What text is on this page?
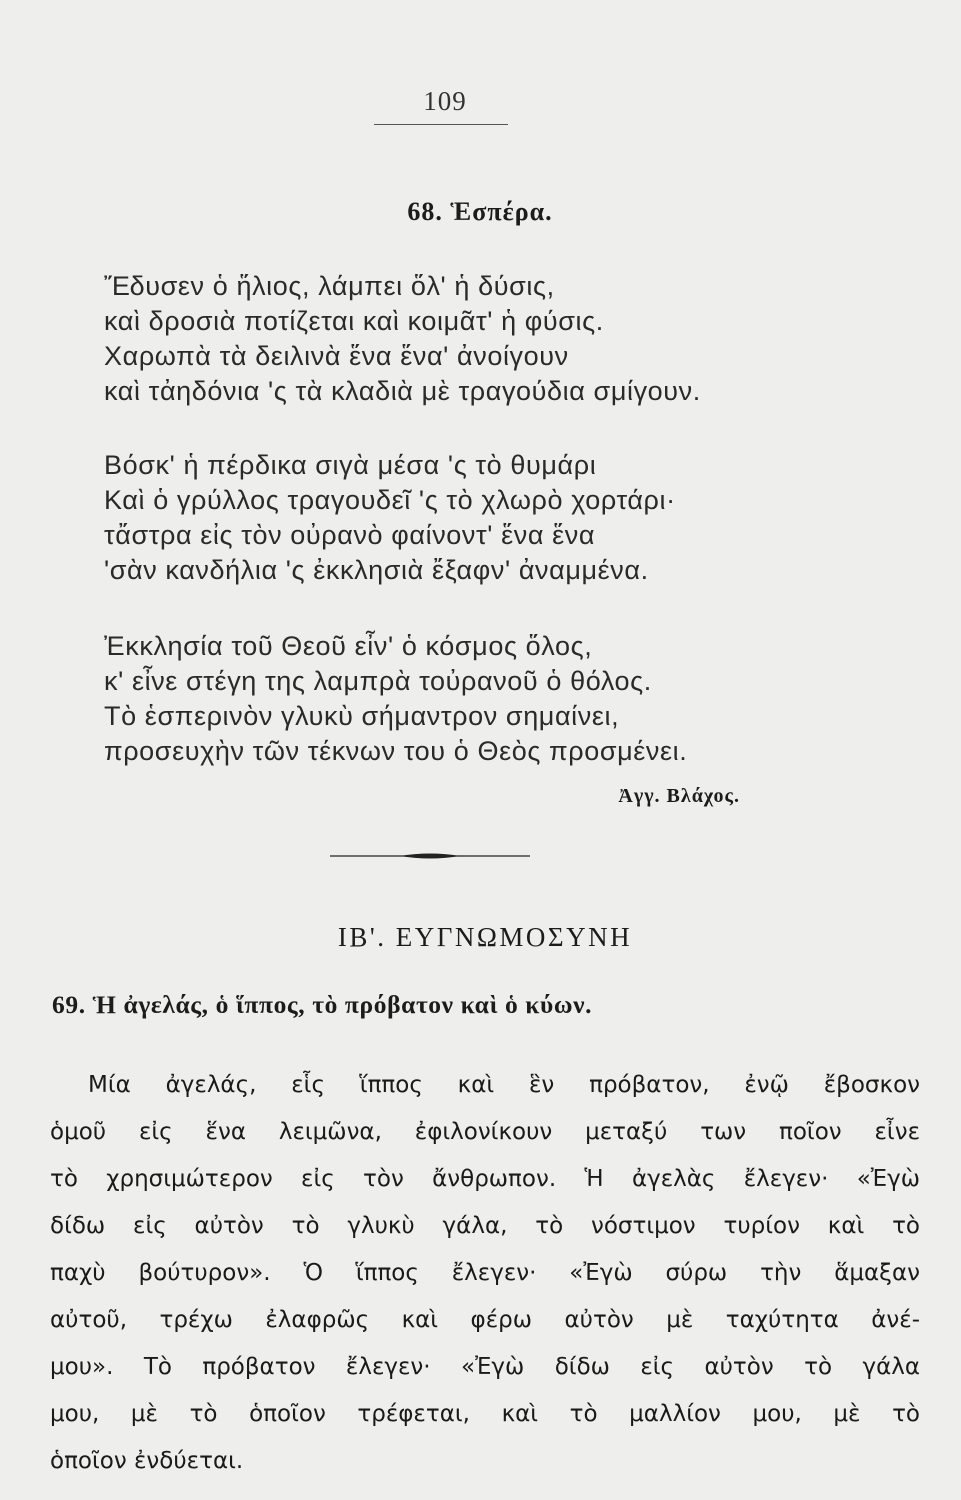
109
68. Ἑσπέρα.
Ἔδυσεν ὁ ἥλιος, λάμπει ὅλ' ἡ δύσις,
καὶ δροσιὰ ποτίζεται καὶ κοιμᾶτ' ἡ φύσις.
Χαρωπὰ τὰ δειλινὰ ἕνα ἕνα' ἀνοίγουν
καὶ τἀηδόνια 'ς τὰ κλαδιὰ μὲ τραγούδια σμίγουν.
Βόσκ' ἡ πέρδικα σιγὰ μέσα 'ς τὸ θυμάρι
Καὶ ὁ γρύλλος τραγουδεῖ 'ς τὸ χλωρὸ χορτάρι·
τἄστρα εἰς τὸν οὐρανὸ φαίνοντ' ἕνα ἕνα
'σὰν κανδήλια 'ς ἐκκλησιὰ ἔξαφν' ἀναμμένα.
Ἐκκλησία τοῦ Θεοῦ εἶν' ὁ κόσμος ὅλος,
κ' εἶνε στέγη της λαμπρὰ τοὐρανοῦ ὁ θόλος.
Τὸ ἑσπερινὸν γλυκὺ σήμαντρον σημαίνει,
προσευχὴν τῶν τέκνων του ὁ Θεὸς προσμένει.
Ἀγγ. Βλάχος.
ΙΒ'. ΕΥΓΝΩΜΟΣΥΝΗ
69. Ἡ ἀγελάς, ὁ ἵππος, τὸ πρόβατον καὶ ὁ κύων.
Μία ἀγελάς, εἷς ἵππος καὶ ἓν πρόβατον, ἐνῷ ἔβοσκον
ὁμοῦ εἰς ἕνα λειμῶνα, ἐφιλονίκουν μεταξύ των ποῖον εἶνε
τὸ χρησιμώτερον εἰς τὸν ἄνθρωπον. Ἡ ἀγελὰς ἔλεγεν· «Ἐγὼ
δίδω εἰς αὐτὸν τὸ γλυκὺ γάλα, τὸ νόστιμον τυρίον καὶ τὸ
παχὺ βούτυρον». Ὁ ἵππος ἔλεγεν· «Ἐγὼ σύρω τὴν ἅμαξαν
αὐτοῦ, τρέχω ἐλαφρῶς καὶ φέρω αὐτὸν μὲ ταχύτητα ἀνέ-
μου». Τὸ πρόβατον ἔλεγεν· «Ἐγὼ δίδω εἰς αὐτὸν τὸ γάλα
μου, μὲ τὸ ὁποῖον τρέφεται, καὶ τὸ μαλλίον μου, μὲ τὸ
ὁποῖον ἐνδύεται.
